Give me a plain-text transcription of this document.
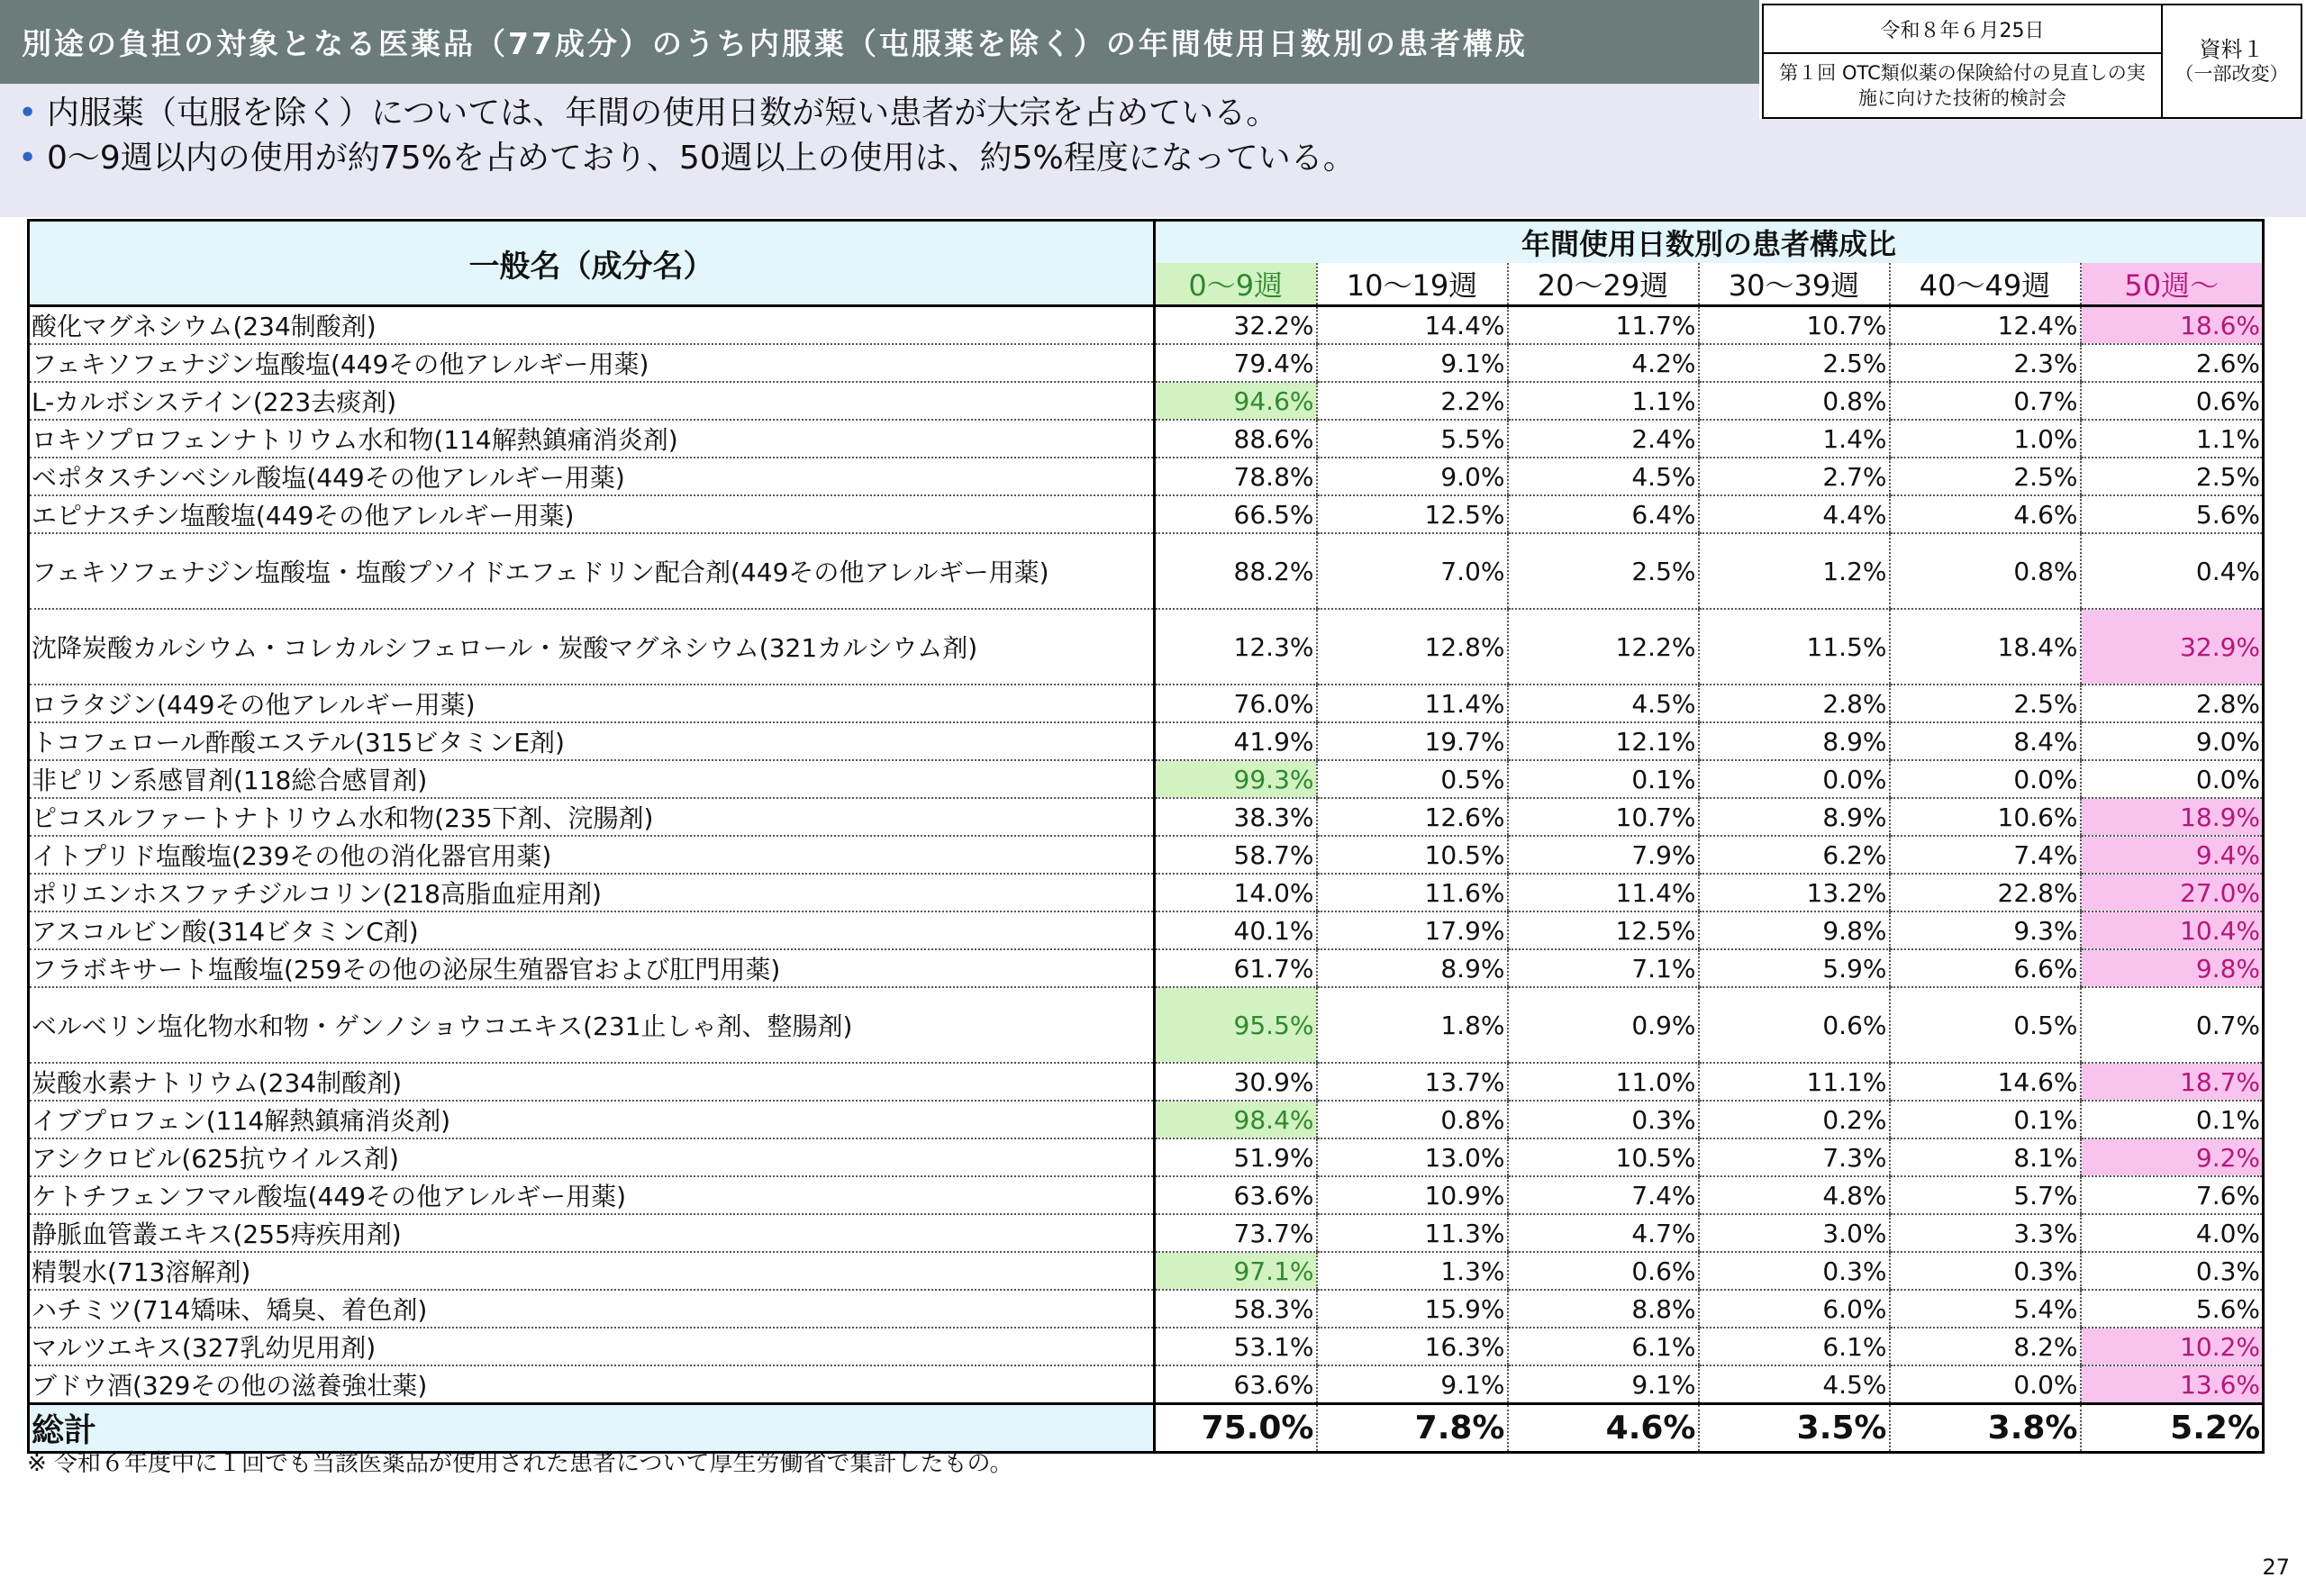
別途の負担の対象となる医薬品（77成分）のうち内服薬（屯服薬を除く）の年間使用日数別の患者構成	令和８年６月25日
第１回 OTC類似薬の保険給付の見直しの実施に向けた技術的検討会
資料１
（一部改変）
• 内服薬（屯服を除く）については、年間の使用日数が短い患者が大宗を占めている。
• 0～9週以内の使用が約75%を占めており、50週以上の使用は、約5%程度になっている。
一般名（成分名）	年間使用日数別の患者構成比					
	0～9週	10～19週	20～29週	30～39週	40～49週	50週～
酸化マグネシウム(234制酸剤)	32.2%	14.4%	11.7%	10.7%	12.4%	18.6%
フェキソフェナジン塩酸塩(449その他アレルギー用薬)	79.4%	9.1%	4.2%	2.5%	2.3%	2.6%
L-カルボシステイン(223去痰剤)	94.6%	2.2%	1.1%	0.8%	0.7%	0.6%
ロキソプロフェンナトリウム水和物(114解熱鎮痛消炎剤)	88.6%	5.5%	2.4%	1.4%	1.0%	1.1%
ベポタスチンベシル酸塩(449その他アレルギー用薬)	78.8%	9.0%	4.5%	2.7%	2.5%	2.5%
エピナスチン塩酸塩(449その他アレルギー用薬)	66.5%	12.5%	6.4%	4.4%	4.6%	5.6%
フェキソフェナジン塩酸塩・塩酸プソイドエフェドリン配合剤(449その他アレルギー用薬)	88.2%	7.0%	2.5%	1.2%	0.8%	0.4%
沈降炭酸カルシウム・コレカルシフェロール・炭酸マグネシウム(321カルシウム剤)	12.3%	12.8%	12.2%	11.5%	18.4%	32.9%
ロラタジン(449その他アレルギー用薬)	76.0%	11.4%	4.5%	2.8%	2.5%	2.8%
トコフェロール酢酸エステル(315ビタミンE剤)	41.9%	19.7%	12.1%	8.9%	8.4%	9.0%
非ピリン系感冒剤(118総合感冒剤)	99.3%	0.5%	0.1%	0.0%	0.0%	0.0%
ピコスルファートナトリウム水和物(235下剤、浣腸剤)	38.3%	12.6%	10.7%	8.9%	10.6%	18.9%
イトプリド塩酸塩(239その他の消化器官用薬)	58.7%	10.5%	7.9%	6.2%	7.4%	9.4%
ポリエンホスファチジルコリン(218高脂血症用剤)	14.0%	11.6%	11.4%	13.2%	22.8%	27.0%
アスコルビン酸(314ビタミンC剤)	40.1%	17.9%	12.5%	9.8%	9.3%	10.4%
フラボキサート塩酸塩(259その他の泌尿生殖器官および肛門用薬)	61.7%	8.9%	7.1%	5.9%	6.6%	9.8%
ベルベリン塩化物水和物・ゲンノショウコエキス(231止しゃ剤、整腸剤)	95.5%	1.8%	0.9%	0.6%	0.5%	0.7%
炭酸水素ナトリウム(234制酸剤)	30.9%	13.7%	11.0%	11.1%	14.6%	18.7%
イブプロフェン(114解熱鎮痛消炎剤)	98.4%	0.8%	0.3%	0.2%	0.1%	0.1%
アシクロビル(625抗ウイルス剤)	51.9%	13.0%	10.5%	7.3%	8.1%	9.2%
ケトチフェンフマル酸塩(449その他アレルギー用薬)	63.6%	10.9%	7.4%	4.8%	5.7%	7.6%
静脈血管叢エキス(255痔疾用剤)	73.7%	11.3%	4.7%	3.0%	3.3%	4.0%
精製水(713溶解剤)	97.1%	1.3%	0.6%	0.3%	0.3%	0.3%
ハチミツ(714矯味、矯臭、着色剤)	58.3%	15.9%	8.8%	6.0%	5.4%	5.6%
マルツエキス(327乳幼児用剤)	53.1%	16.3%	6.1%	6.1%	8.2%	10.2%
ブドウ酒(329その他の滋養強壮薬)	63.6%	9.1%	9.1%	4.5%	0.0%	13.6%
総計	75.0%	7.8%	4.6%	3.5%	3.8%	5.2%
※ 令和６年度中に１回でも当該医薬品が使用された患者について厚生労働省で集計したもの。
27
